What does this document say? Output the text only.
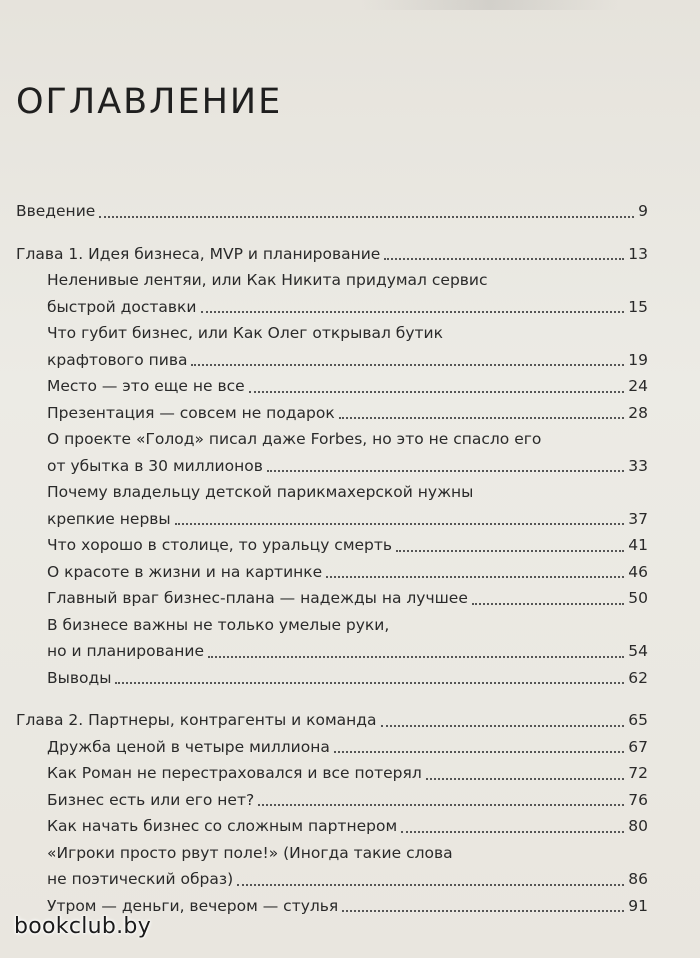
ОГЛАВЛЕНИЕ
Введение	9
Глава 1. Идея бизнеса, MVP и планирование	13
Неленивые лентяи, или Как Никита придумал сервис
быстрой доставки	15
Что губит бизнес, или Как Олег открывал бутик
крафтового пива	19
Место — это еще не все	24
Презентация — совсем не подарок	28
О проекте «Голод» писал даже Forbes, но это не спасло его
от убытка в 30 миллионов	33
Почему владельцу детской парикмахерской нужны
крепкие нервы	37
Что хорошо в столице, то уральцу смерть	41
О красоте в жизни и на картинке	46
Главный враг бизнес-плана — надежды на лучшее	50
В бизнесе важны не только умелые руки,
но и планирование	54
Выводы	62
Глава 2. Партнеры, контрагенты и команда	65
Дружба ценой в четыре миллиона	67
Как Роман не перестраховался и все потерял	72
Бизнес есть или его нет?	76
Как начать бизнес со сложным партнером	80
«Игроки просто рвут поле!» (Иногда такие слова
не поэтический образ)	86
Утром — деньги, вечером — стулья	91
bookclub.by
